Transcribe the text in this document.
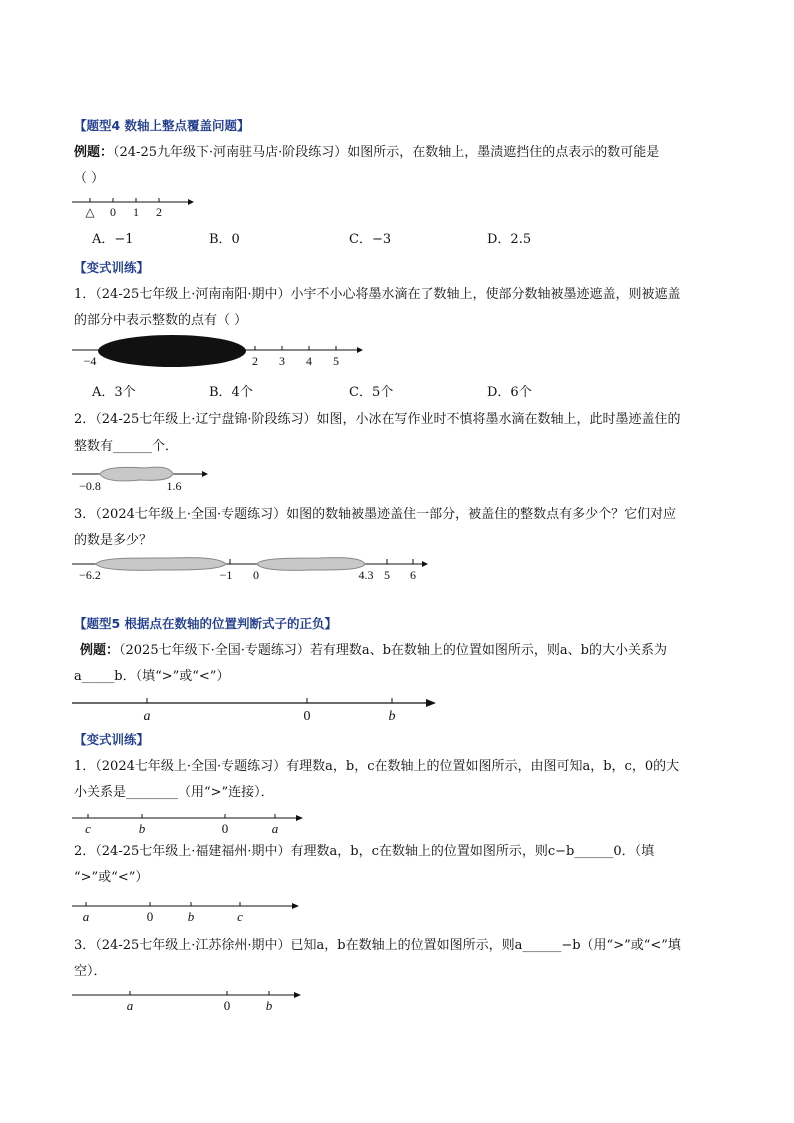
【题型4 数轴上整点覆盖问题】
例题：（24-25九年级下·河南驻马店·阶段练习）如图所示，在数轴上，墨渍遮挡住的点表示的数可能是
（ ）
△ 0 1 2
A．−1	B．0	C．−3	D．2.5
【变式训练】
1．（24-25七年级上·河南南阳·期中）小宇不小心将墨水滴在了数轴上，使部分数轴被墨迹遮盖，则被遮盖
的部分中表示整数的点有（ ）
−4	2 3 4 5
A．3个	B．4个	C．5个	D．6个
2．（24-25七年级上·辽宁盘锦·阶段练习）如图，小冰在写作业时不慎将墨水滴在数轴上，此时墨迹盖住的
整数有______个．
−0.8	1.6
3．（2024七年级上·全国·专题练习）如图的数轴被墨迹盖住一部分，被盖住的整数点有多少个？它们对应
的数是多少？
−6.2	−1 0	4.3 5 6
【题型5 根据点在数轴的位置判断式子的正负】
例题：（2025七年级下·全国·专题练习）若有理数a、b在数轴上的位置如图所示，则a、b的大小关系为
a_____b．（填“>”或“<”）
a	0	b
【变式训练】
1．（2024七年级上·全国·专题练习）有理数a，b，c在数轴上的位置如图所示，由图可知a，b，c，0的大
小关系是________（用“>”连接）．
c	b	0	a
2．（24-25七年级上·福建福州·期中）有理数a，b，c在数轴上的位置如图所示，则c−b______0．（填
“>”或“<”）
a	0	b	c
3．（24-25七年级上·江苏徐州·期中）已知a，b在数轴上的位置如图所示，则a______−b（用“>”或“<”填
空）．
a	0	b
